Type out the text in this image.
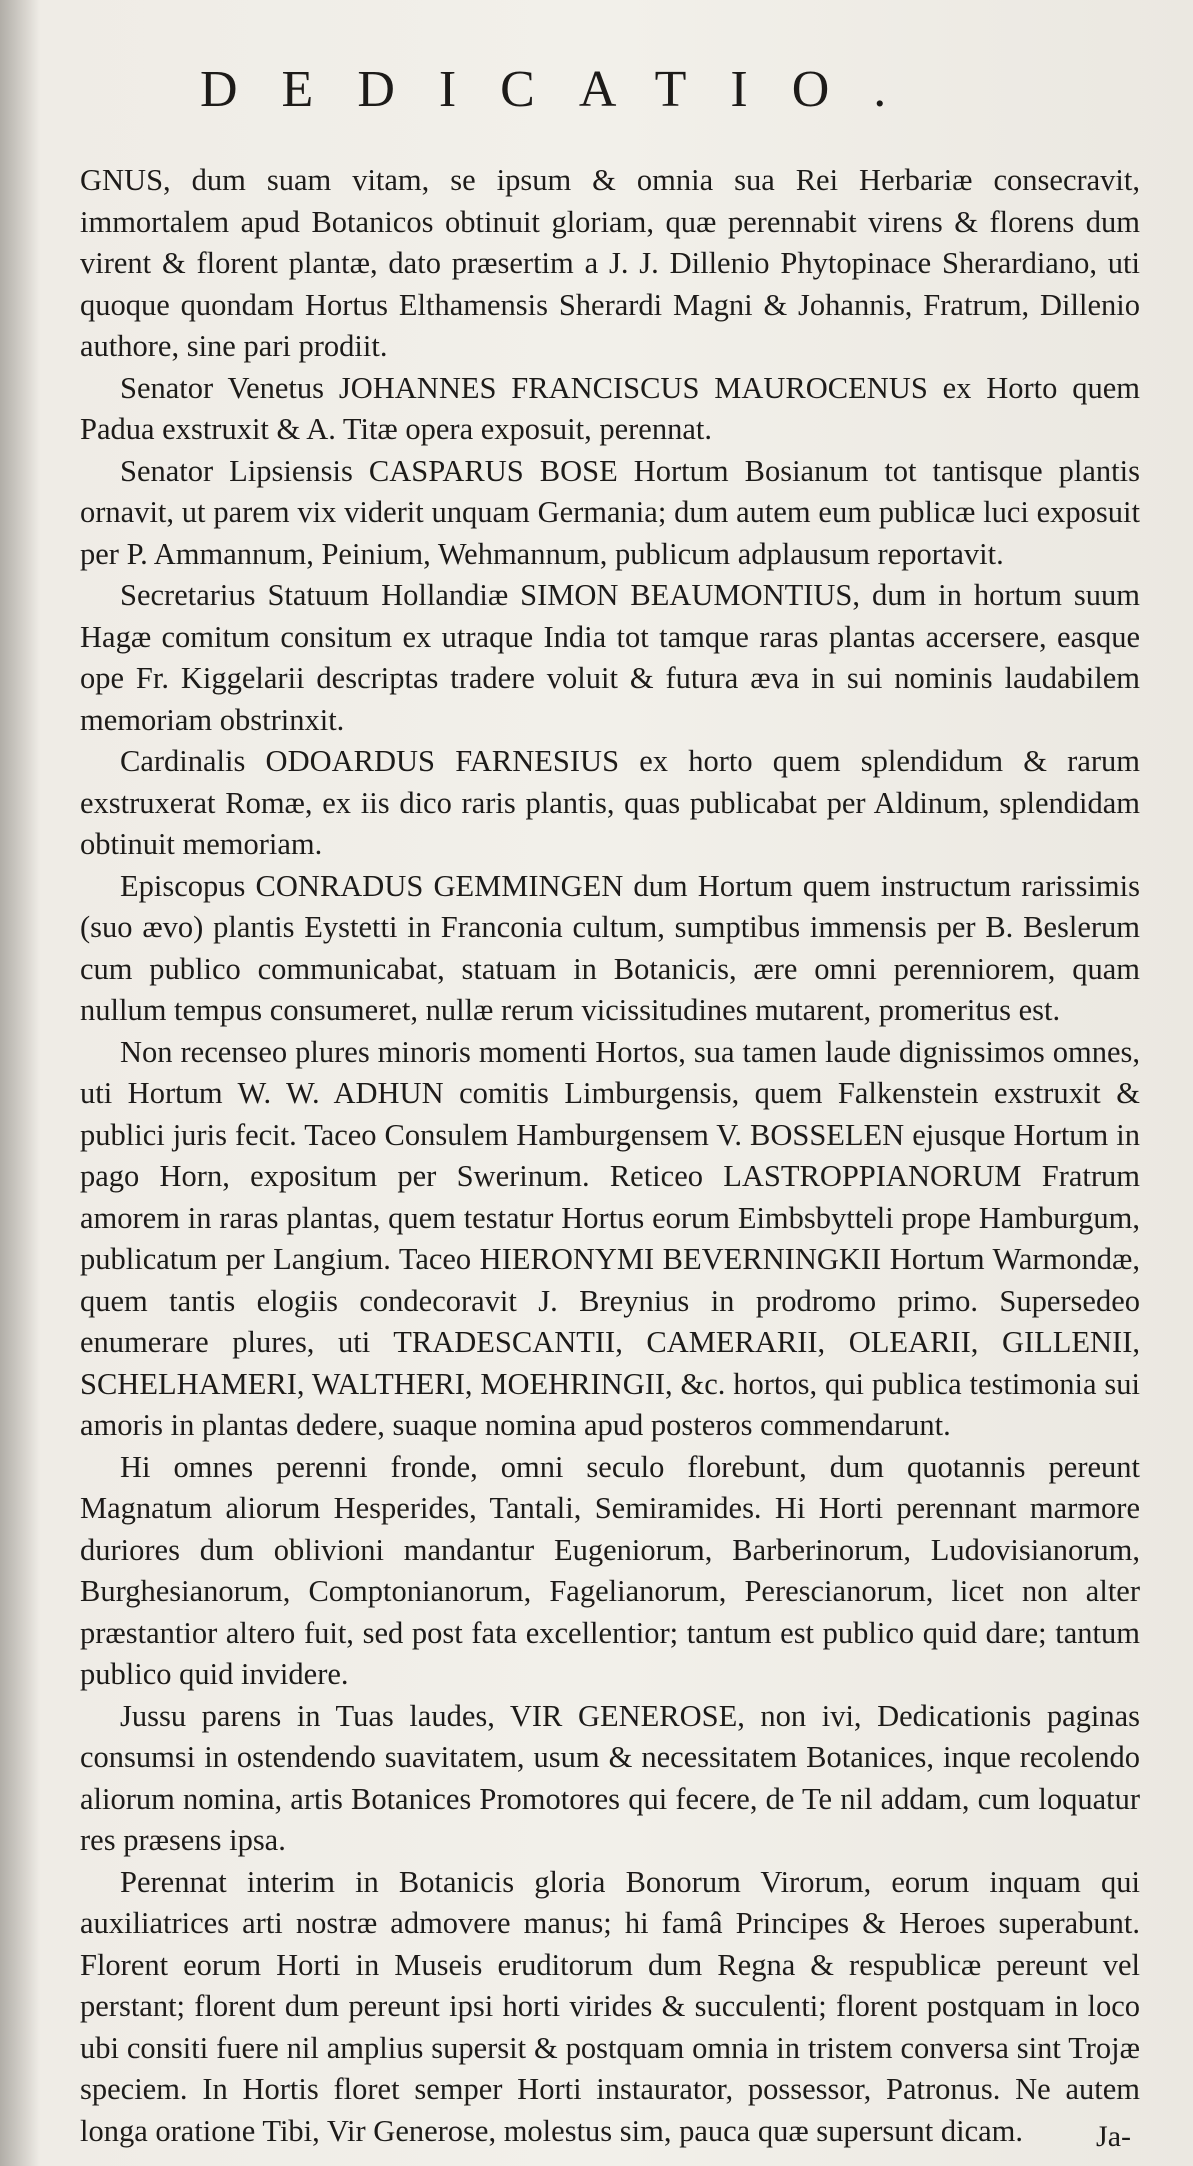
DEDICATIO.

GNUS, dum suam vitam, se ipsum & omnia sua Rei Herbariæ consecravit, immortalem apud Botanicos obtinuit gloriam, quæ perennabit virens & florens dum virent & florent plantæ, dato præsertim a J. J. Dillenio Phytopinace Sherardiano, uti quoque quondam Hortus Elthamensis Sherardi Magni & Johannis, Fratrum, Dillenio authore, sine pari prodiit.

Senator Venetus JOHANNES FRANCISCUS MAUROCENUS ex Horto quem Padua exstruxit & A. Titæ opera exposuit, perennat.

Senator Lipsiensis CASPARUS BOSE Hortum Bosianum tot tantisque plantis ornavit, ut parem vix viderit unquam Germania; dum autem eum publicæ luci exposuit per P. Ammannum, Peinium, Wehmannum, publicum adplausum reportavit.

Secretarius Statuum Hollandiæ SIMON BEAUMONTIUS, dum in hortum suum Hagæ comitum consitum ex utraque India tot tamque raras plantas accersere, easque ope Fr. Kiggelarii descriptas tradere voluit & futura æva in sui nominis laudabilem memoriam obstrinxit.

Cardinalis ODOARDUS FARNESIUS ex horto quem splendidum & rarum exstruxerat Romæ, ex iis dico raris plantis, quas publicabat per Aldinum, splendidam obtinuit memoriam.

Episcopus CONRADUS GEMMINGEN dum Hortum quem instructum rarissimis (suo ævo) plantis Eystetti in Franconia cultum, sumptibus immensis per B. Beslerum cum publico communicabat, statuam in Botanicis, ære omni perenniorem, quam nullum tempus consumeret, nullæ rerum vicissitudines mutarent, promeritus est.

Non recenseo plures minoris momenti Hortos, sua tamen laude dignissimos omnes, uti Hortum W. W. ADHUN comitis Limburgensis, quem Falkenstein exstruxit & publici juris fecit. Taceo Consulem Hamburgensem V. BOSSELEN ejusque Hortum in pago Horn, expositum per Swerinum. Reticeo LASTROPPIANORUM Fratrum amorem in raras plantas, quem testatur Hortus eorum Eimbsbytteli prope Hamburgum, publicatum per Langium. Taceo HIERONYMI BEVERNINGKII Hortum Warmondæ, quem tantis elogiis condecoravit J. Breynius in prodromo primo. Supersedeo enumerare plures, uti TRADESCANTII, CAMERARII, OLEARII, GILLENII, SCHELHAMERI, WALTHERI, MOEHRINGII, &c. hortos, qui publica testimonia sui amoris in plantas dedere, suaque nomina apud posteros commendarunt.

Hi omnes perenni fronde, omni seculo florebunt, dum quotannis pereunt Magnatum aliorum Hesperides, Tantali, Semiramides. Hi Horti perennant marmore duriores dum oblivioni mandantur Eugeniorum, Barberinorum, Ludovisianorum, Burghesianorum, Comptonianorum, Fagelianorum, Perescianorum, licet non alter præstantior altero fuit, sed post fata excellentior; tantum est publico quid dare; tantum publico quid invidere.

Jussu parens in Tuas laudes, VIR GENEROSE, non ivi, Dedicationis paginas consumsi in ostendendo suavitatem, usum & necessitatem Botanices, inque recolendo aliorum nomina, artis Botanices Promotores qui fecere, de Te nil addam, cum loquatur res præsens ipsa.

Perennat interim in Botanicis gloria Bonorum Virorum, eorum inquam qui auxiliatrices arti nostræ admovere manus; hi famâ Principes & Heroes superabunt. Florent eorum Horti in Museis eruditorum dum Regna & respublicæ pereunt vel perstant; florent dum pereunt ipsi horti virides & succulenti; florent postquam in loco ubi consiti fuere nil amplius supersit & postquam omnia in tristem conversa sint Trojæ speciem. In Hortis floret semper Horti instaurator, possessor, Patronus. Ne autem longa oratione Tibi, Vir Generose, molestus sim, pauca quæ supersunt dicam.	Ja-
